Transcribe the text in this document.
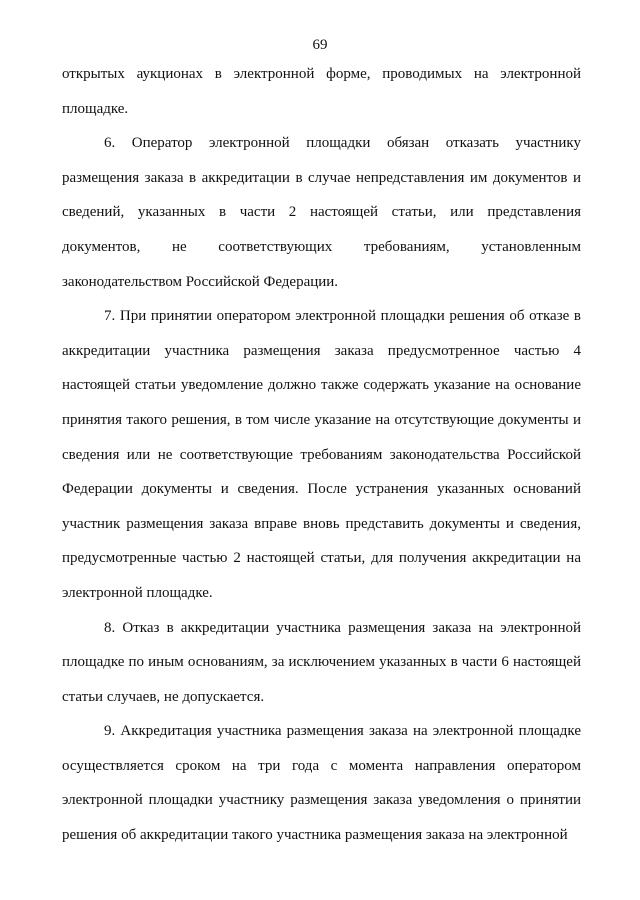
69

открытых аукционах в электронной форме, проводимых на электронной площадке.

6. Оператор электронной площадки обязан отказать участнику размещения заказа в аккредитации в случае непредставления им документов и сведений, указанных в части 2 настоящей статьи, или представления документов, не соответствующих требованиям, установленным законодательством Российской Федерации.

7. При принятии оператором электронной площадки решения об отказе в аккредитации участника размещения заказа предусмотренное частью 4 настоящей статьи уведомление должно также содержать указание на основание принятия такого решения, в том числе указание на отсутствующие документы и сведения или не соответствующие требованиям законодательства Российской Федерации документы и сведения. После устранения указанных оснований участник размещения заказа вправе вновь представить документы и сведения, предусмотренные частью 2 настоящей статьи, для получения аккредитации на электронной площадке.

8. Отказ в аккредитации участника размещения заказа на электронной площадке по иным основаниям, за исключением указанных в части 6 настоящей статьи случаев, не допускается.

9. Аккредитация участника размещения заказа на электронной площадке осуществляется сроком на три года с момента направления оператором электронной площадки участнику размещения заказа уведомления о принятии решения об аккредитации такого участника размещения заказа на электронной
